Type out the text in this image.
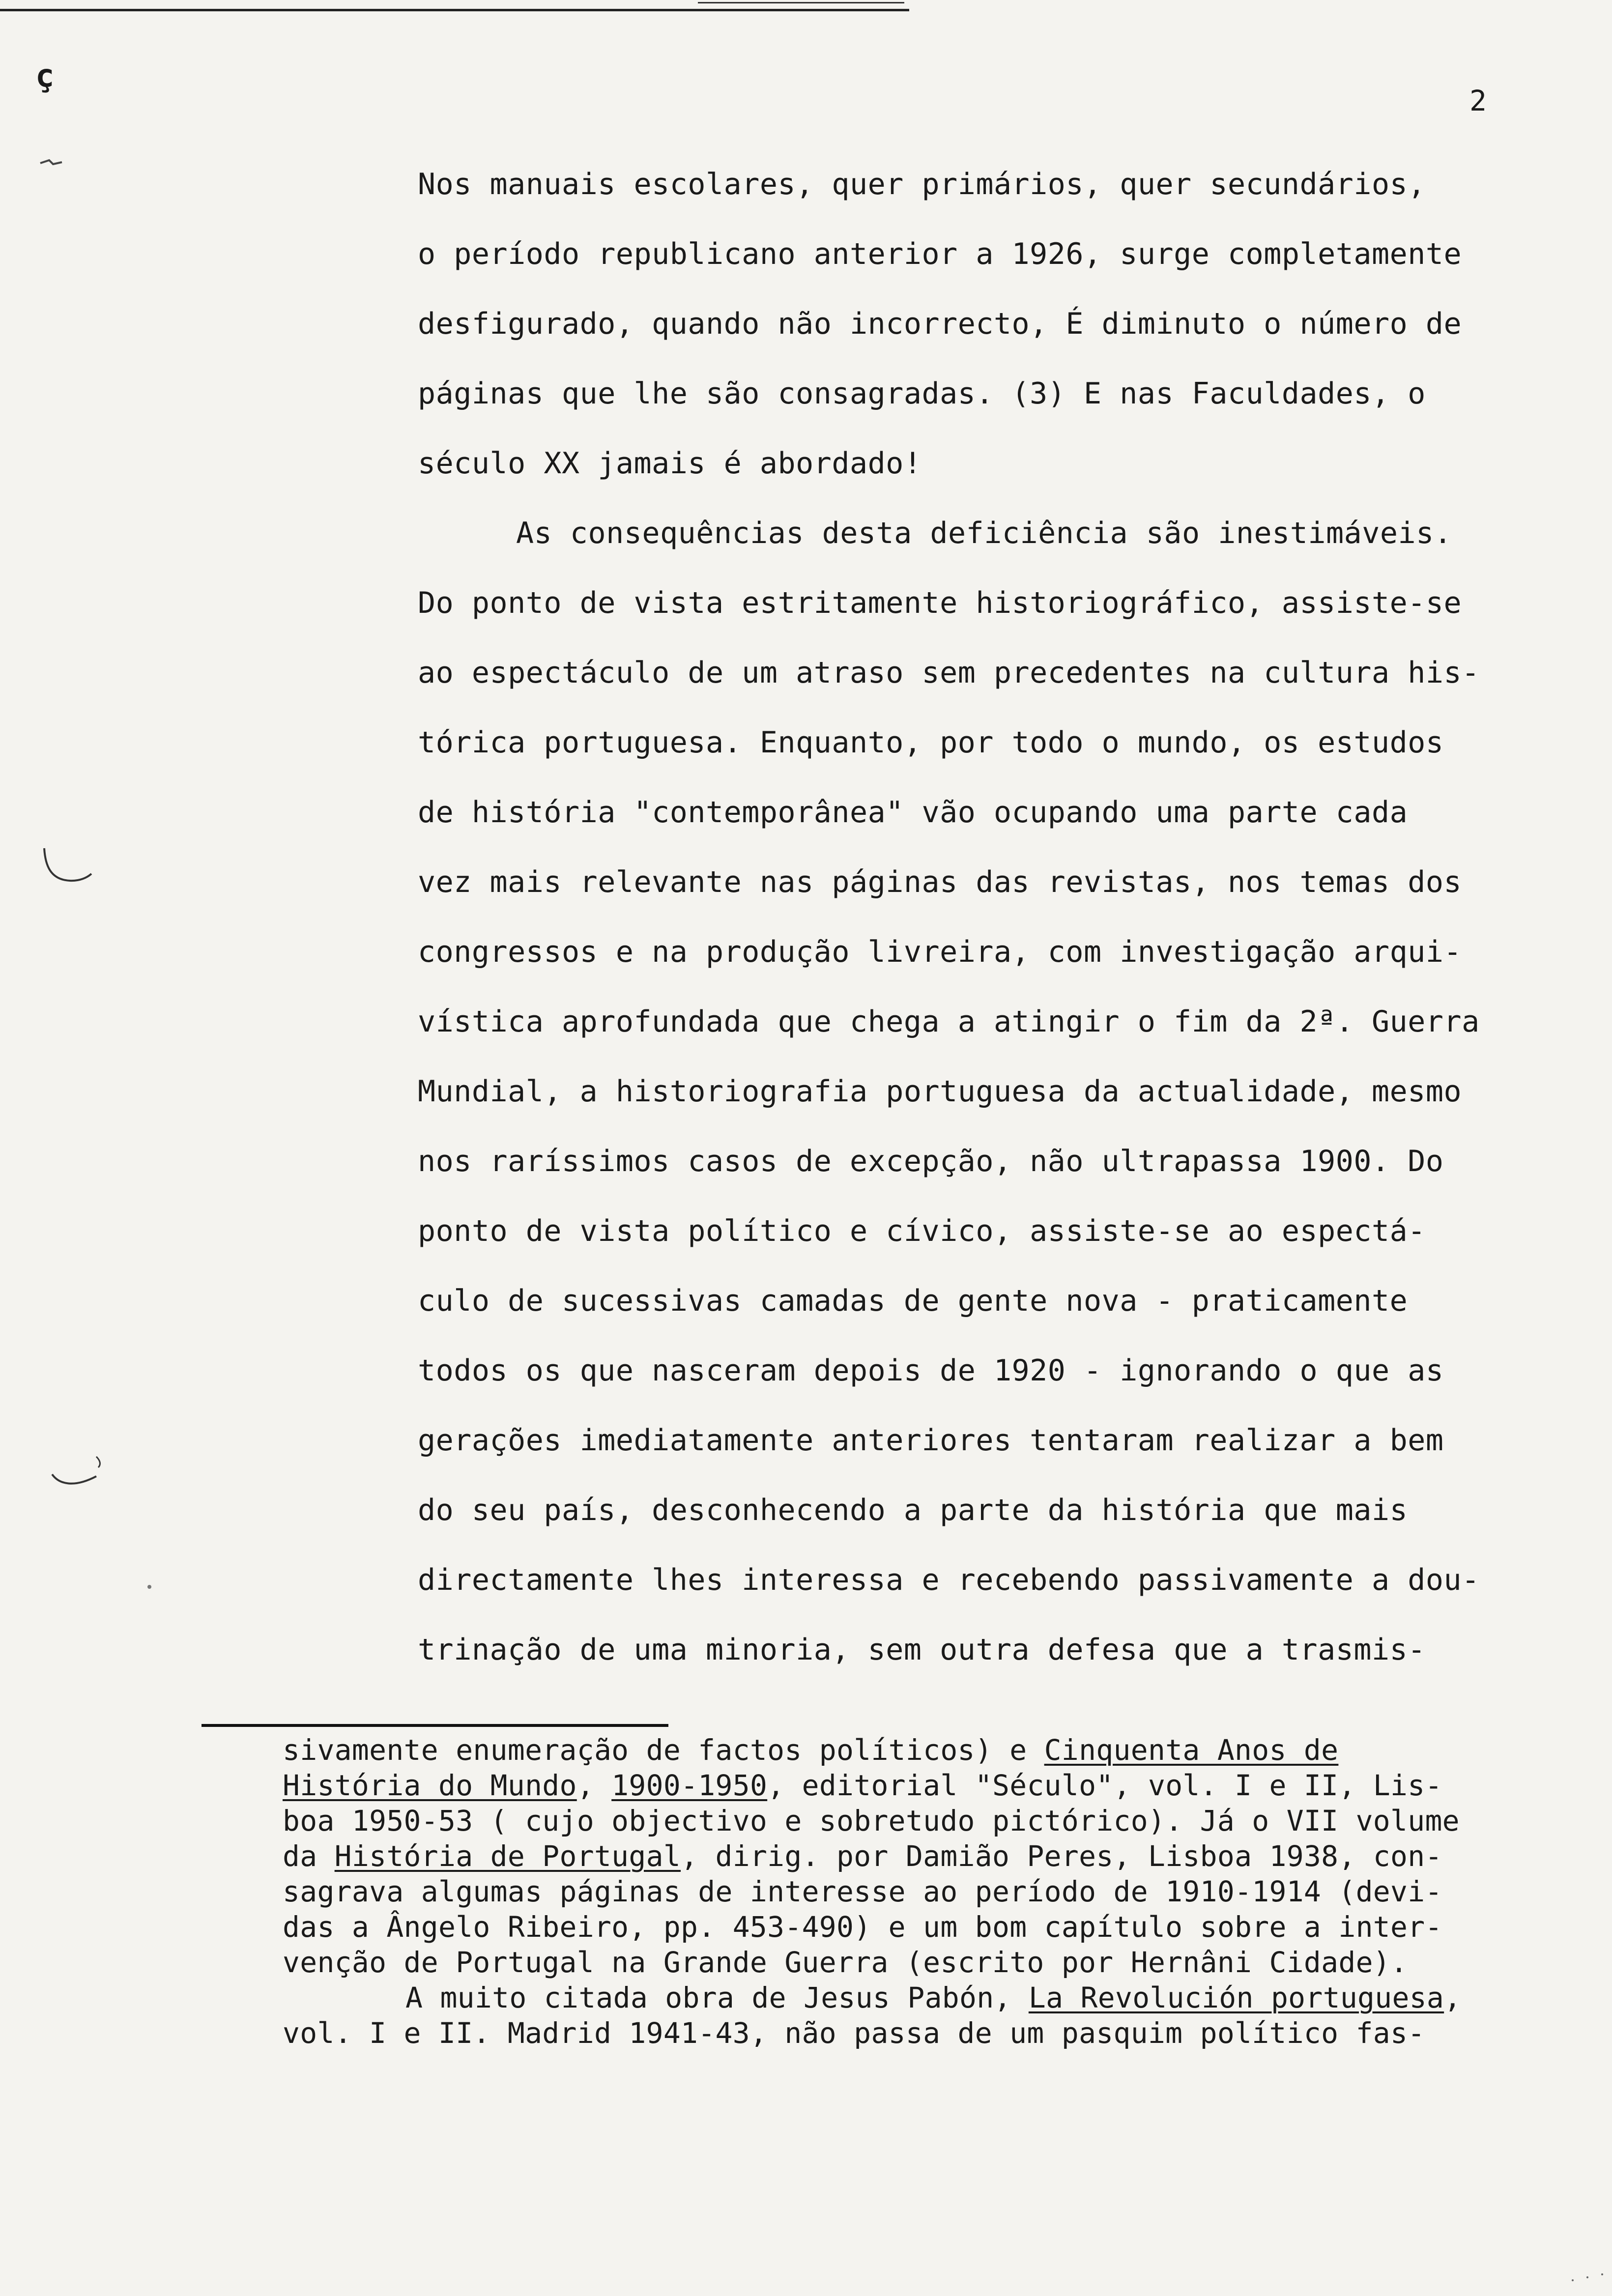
ç
2
Nos manuais escolares, quer primários, quer secundários,
o período republicano anterior a 1926, surge completamente
desfigurado, quando não incorrecto, É diminuto o número de
páginas que lhe são consagradas. (3) E nas Faculdades, o
século XX jamais é abordado!
As consequências desta deficiência são inestimáveis.
Do ponto de vista estritamente historiográfico, assiste-se
ao espectáculo de um atraso sem precedentes na cultura his-
tórica portuguesa. Enquanto, por todo o mundo, os estudos
de história "contemporânea" vão ocupando uma parte cada
vez mais relevante nas páginas das revistas, nos temas dos
congressos e na produção livreira, com investigação arqui-
vística aprofundada que chega a atingir o fim da 2ª. Guerra
Mundial, a historiografia portuguesa da actualidade, mesmo
nos raríssimos casos de excepção, não ultrapassa 1900. Do
ponto de vista político e cívico, assiste-se ao espectá-
culo de sucessivas camadas de gente nova - praticamente
todos os que nasceram depois de 1920 - ignorando o que as
gerações imediatamente anteriores tentaram realizar a bem
do seu país, desconhecendo a parte da história que mais
directamente lhes interessa e recebendo passivamente a dou-
trinação de uma minoria, sem outra defesa que a trasmis-
sivamente enumeração de factos políticos) e Cinquenta Anos de
História do Mundo, 1900-1950, editorial "Século", vol. I e II, Lis-
boa 1950-53 ( cujo objectivo e sobretudo pictórico). Já o VII volume
da História de Portugal, dirig. por Damião Peres, Lisboa 1938, con-
sagrava algumas páginas de interesse ao período de 1910-1914 (devi-
das a Ângelo Ribeiro, pp. 453-490) e um bom capítulo sobre a inter-
venção de Portugal na Grande Guerra (escrito por Hernâni Cidade).
A muito citada obra de Jesus Pabón, La Revolución portuguesa,
vol. I e II. Madrid 1941-43, não passa de um pasquim político fas-
